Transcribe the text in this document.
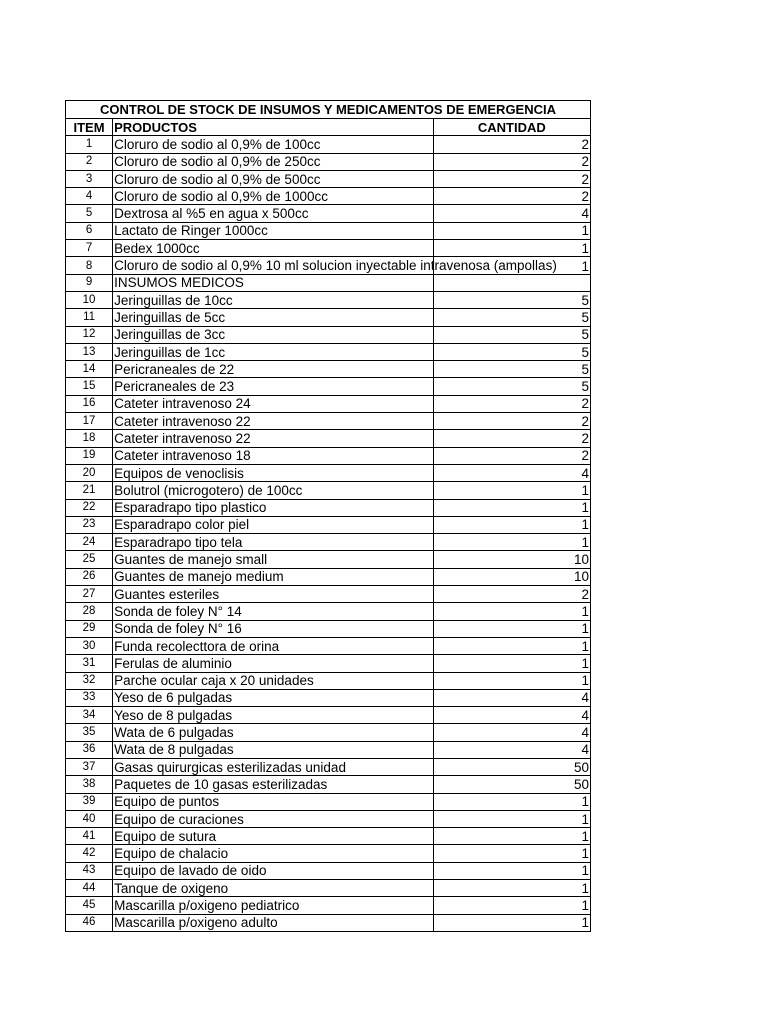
CONTROL DE STOCK DE INSUMOS Y MEDICAMENTOS DE EMERGENCIA		
ITEM	PRODUCTOS	CANTIDAD
1	Cloruro de sodio al 0,9% de 100cc	2
2	Cloruro de sodio al 0,9% de 250cc	2
3	Cloruro de sodio al 0,9% de 500cc	2
4	Cloruro de sodio al 0,9% de 1000cc	2
5	Dextrosa al %5 en agua x 500cc	4
6	Lactato de Ringer 1000cc	1
7	Bedex 1000cc	1
8	Cloruro de sodio al 0,9% 10 ml solucion inyectable intravenosa (ampollas)	1
9	INSUMOS MEDICOS	
10	Jeringuillas de 10cc	5
11	Jeringuillas de 5cc	5
12	Jeringuillas de 3cc	5
13	Jeringuillas de 1cc	5
14	Pericraneales de 22	5
15	Pericraneales de 23	5
16	Cateter intravenoso 24	2
17	Cateter intravenoso 22	2
18	Cateter intravenoso 22	2
19	Cateter intravenoso 18	2
20	Equipos de venoclisis	4
21	Bolutrol (microgotero) de 100cc	1
22	Esparadrapo tipo plastico	1
23	Esparadrapo color piel	1
24	Esparadrapo tipo tela	1
25	Guantes de manejo small	10
26	Guantes de manejo medium	10
27	Guantes esteriles	2
28	Sonda de foley N° 14	1
29	Sonda de foley N° 16	1
30	Funda recolecttora de orina	1
31	Ferulas de aluminio	1
32	Parche ocular caja x 20 unidades	1
33	Yeso de 6 pulgadas	4
34	Yeso de 8 pulgadas	4
35	Wata de 6 pulgadas	4
36	Wata de 8 pulgadas	4
37	Gasas quirurgicas esterilizadas unidad	50
38	Paquetes de 10 gasas esterilizadas	50
39	Equipo de puntos	1
40	Equipo de curaciones	1
41	Equipo de sutura	1
42	Equipo de chalacio	1
43	Equipo de lavado de oido	1
44	Tanque de oxigeno	1
45	Mascarilla p/oxigeno pediatrico	1
46	Mascarilla p/oxigeno adulto	1
